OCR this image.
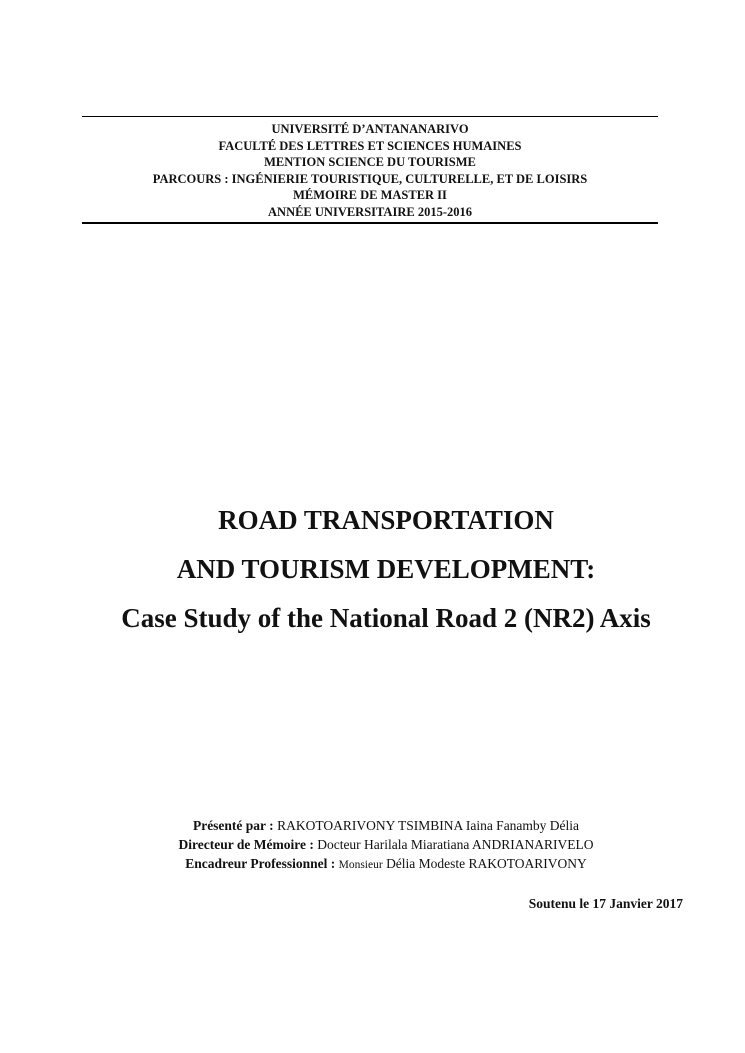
UNIVERSITÉ D’ANTANANARIVO
FACULTÉ DES LETTRES ET SCIENCES HUMAINES
MENTION SCIENCE DU TOURISME
PARCOURS : INGÉNIERIE TOURISTIQUE, CULTURELLE, ET DE LOISIRS
MÉMOIRE DE MASTER II
ANNÉE UNIVERSITAIRE 2015-2016
ROAD TRANSPORTATION
AND TOURISM DEVELOPMENT:
Case Study of the National Road 2 (NR2) Axis
Présenté par : RAKOTOARIVONY TSIMBINA Iaina Fanamby Délia
Directeur de Mémoire : Docteur Harilala Miaratiana ANDRIANARIVELO
Encadreur Professionnel : Monsieur Délia Modeste RAKOTOARIVONY
Soutenu le 17 Janvier 2017
